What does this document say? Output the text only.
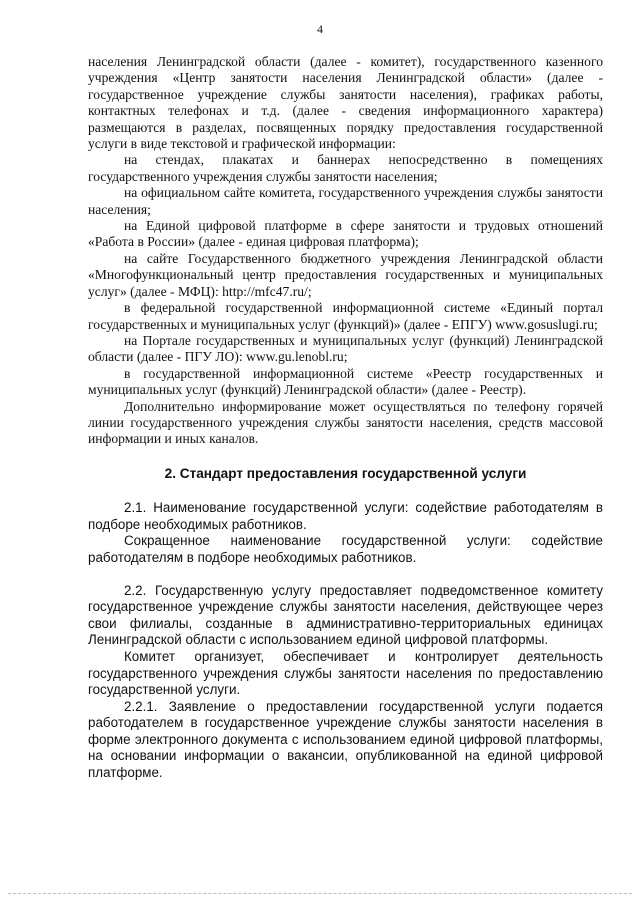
4

населения Ленинградской области (далее - комитет), государственного казенного учреждения «Центр занятости населения Ленинградской области» (далее - государственное учреждение службы занятости населения), графиках работы, контактных телефонах и т.д. (далее - сведения информационного характера) размещаются в разделах, посвященных порядку предоставления государственной услуги в виде текстовой и графической информации:

на стендах, плакатах и баннерах непосредственно в помещениях государственного учреждения службы занятости населения;

на официальном сайте комитета, государственного учреждения службы занятости населения;

на Единой цифровой платформе в сфере занятости и трудовых отношений «Работа в России» (далее - единая цифровая платформа);

на сайте Государственного бюджетного учреждения Ленинградской области «Многофункциональный центр предоставления государственных и муниципальных услуг» (далее - МФЦ): http://mfc47.ru/;

в федеральной государственной информационной системе «Единый портал государственных и муниципальных услуг (функций)» (далее - ЕПГУ) www.gosuslugi.ru;

на Портале государственных и муниципальных услуг (функций) Ленинградской области (далее - ПГУ ЛО): www.gu.lenobl.ru;

в государственной информационной системе «Реестр государственных и муниципальных услуг (функций) Ленинградской области» (далее - Реестр).

Дополнительно информирование может осуществляться по телефону горячей линии государственного учреждения службы занятости населения, средств массовой информации и иных каналов.

2. Стандарт предоставления государственной услуги

2.1. Наименование государственной услуги: содействие работодателям в подборе необходимых работников.

Сокращенное наименование государственной услуги: содействие работодателям в подборе необходимых работников.

2.2. Государственную услугу предоставляет подведомственное комитету государственное учреждение службы занятости населения, действующее через свои филиалы, созданные в административно-территориальных единицах Ленинградской области с использованием единой цифровой платформы.

Комитет организует, обеспечивает и контролирует деятельность государственного учреждения службы занятости населения по предоставлению государственной услуги.

2.2.1. Заявление о предоставлении государственной услуги подается работодателем в государственное учреждение службы занятости населения в форме электронного документа с использованием единой цифровой платформы, на основании информации о вакансии, опубликованной на единой цифровой платформе.
